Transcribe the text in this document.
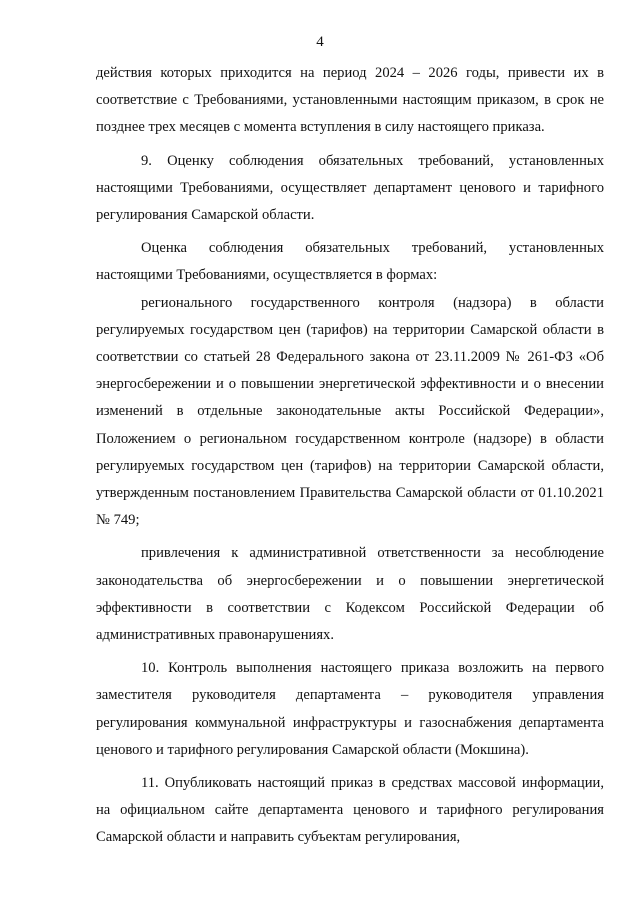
4

действия которых приходится на период 2024 – 2026 годы, привести их в соответствие с Требованиями, установленными настоящим приказом, в срок не позднее трех месяцев с момента вступления в силу настоящего приказа.

9. Оценку соблюдения обязательных требований, установленных настоящими Требованиями, осуществляет департамент ценового и тарифного регулирования Самарской области.

Оценка соблюдения обязательных требований, установленных настоящими Требованиями, осуществляется в формах:

регионального государственного контроля (надзора) в области регулируемых государством цен (тарифов) на территории Самарской области в соответствии со статьей 28 Федерального закона от 23.11.2009 № 261-ФЗ «Об энергосбережении и о повышении энергетической эффективности и о внесении изменений в отдельные законодательные акты Российской Федерации», Положением о региональном государственном контроле (надзоре) в области регулируемых государством цен (тарифов) на территории Самарской области, утвержденным постановлением Правительства Самарской области от 01.10.2021 № 749;

привлечения к административной ответственности за несоблюдение законодательства об энергосбережении и о повышении энергетической эффективности в соответствии с Кодексом Российской Федерации об административных правонарушениях.

10. Контроль выполнения настоящего приказа возложить на первого заместителя руководителя департамента – руководителя управления регулирования коммунальной инфраструктуры и газоснабжения департамента ценового и тарифного регулирования Самарской области (Мокшина).

11. Опубликовать настоящий приказ в средствах массовой информации, на официальном сайте департамента ценового и тарифного регулирования Самарской области и направить субъектам регулирования,
